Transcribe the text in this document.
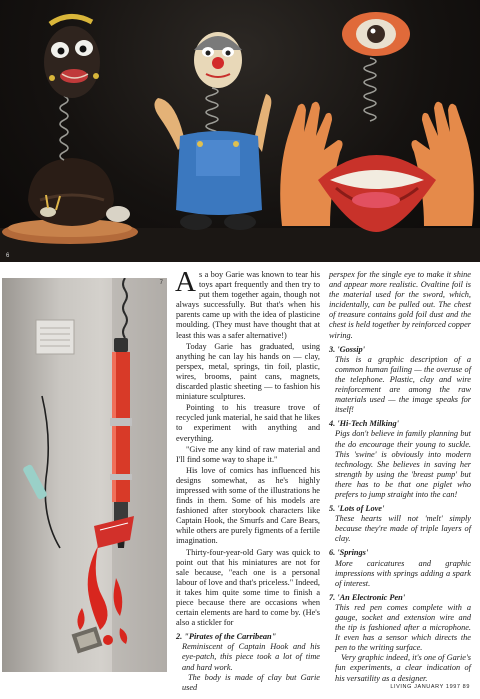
6
7 As a boy Garie was known to tear his toys apart frequently and then try to put them together again, though not always successfully. But that's when his parents came up with the idea of plasticine moulding. (They must have thought that at least this was a safer alternative!)

Today Garie has graduated, using anything he can lay his hands on — clay, perspex, metal, springs, tin foil, plastic, wires, brooms, paint cans, magnets, discarded plastic sheeting — to fashion his miniature sculptures.

Pointing to his treasure trove of recycled junk material, he said that he likes to experiment with anything and everything.

"Give me any kind of raw material and I'll find some way to shape it."

His love of comics has influenced his designs somewhat, as he's highly impressed with some of the illustrations he finds in them. Some of his models are fashioned after storybook characters like Captain Hook, the Smurfs and Care Bears, while others are purely figments of a fertile imagination.

Thirty-four-year-old Gary was quick to point out that his miniatures are not for sale because, "each one is a personal labour of love and that's priceless." Indeed, it takes him quite some time to finish a piece because there are occasions when certain elements are hard to come by. (He's also a stickler for

2. "Pirates of the Carribean"

Reminiscent of Captain Hook and his eye-patch, this piece took a lot of time and hard work.

The body is made of clay but Garie used

perspex for the single eye to make it shine and appear more realistic. Ovaltine foil is the material used for the sword, which, incidentally, can be pulled out. The chest of treasure contains gold foil dust and the chest is held together by reinforced copper wiring.

3. 'Gossip'

This is a graphic description of a common human failing — the overuse of the telephone. Plastic, clay and wire reinforcement are among the raw materials used — the image speaks for itself!

4. 'Hi-Tech Milking'

Pigs don't believe in family planning but the do encourage their young to suckle. This 'swine' is obviously into modern technology. She believes in saving her strength by using the 'breast pump' but there has to be that one piglet who prefers to jump straight into the can!

5. 'Lots of Love'

These hearts will not 'melt' simply because they're made of triple layers of clay.

6. 'Springs'

More caricatures and graphic impressions with springs adding a spark of interest.

7. 'An Electronic Pen'

This red pen comes complete with a gauge, socket and extension wire and the tip is fashioned after a microphone. It even has a sensor which directs the pen to the writing surface.

Very graphic indeed, it's one of Garie's fun experiments, a clear indication of his versatility as a designer.

LIVING JANUARY 1997 89
